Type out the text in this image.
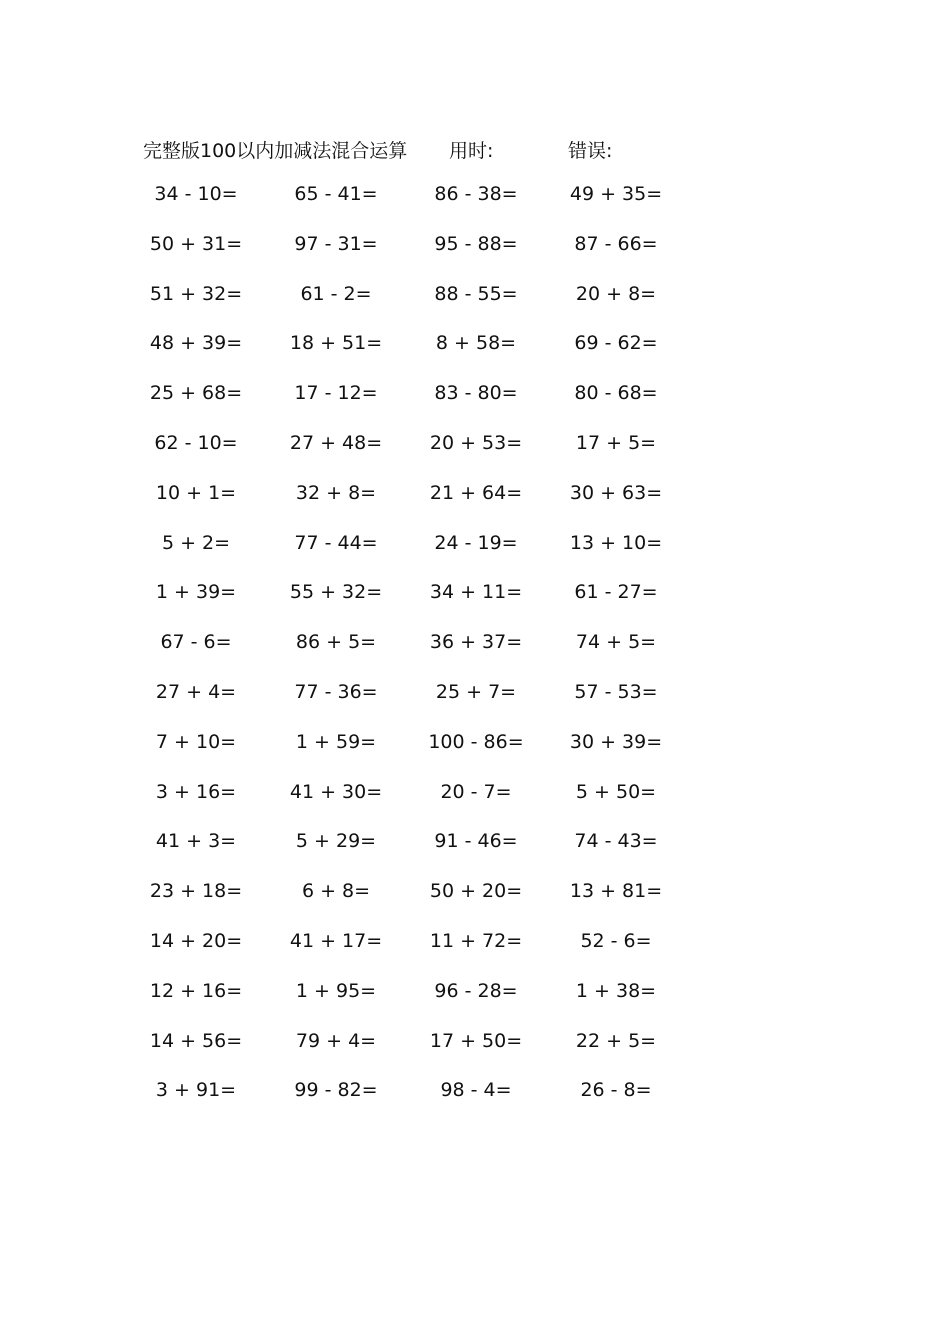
完整版100以内加减法混合运算 用时:	错误:
34 - 10=	65 - 41=	86 - 38=	49 + 35=
50 + 31=	97 - 31=	95 - 88=	87 - 66=
51 + 32=	61 - 2=	88 - 55=	20 + 8=
48 + 39=	18 + 51=	8 + 58=	69 - 62=
25 + 68=	17 - 12=	83 - 80=	80 - 68=
62 - 10=	27 + 48=	20 + 53=	17 + 5=
10 + 1=	32 + 8=	21 + 64=	30 + 63=
5 + 2=	77 - 44=	24 - 19=	13 + 10=
1 + 39=	55 + 32=	34 + 11=	61 - 27=
67 - 6=	86 + 5=	36 + 37=	74 + 5=
27 + 4=	77 - 36=	25 + 7=	57 - 53=
7 + 10=	1 + 59=	100 - 86=	30 + 39=
3 + 16=	41 + 30=	20 - 7=	5 + 50=
41 + 3=	5 + 29=	91 - 46=	74 - 43=
23 + 18=	6 + 8=	50 + 20=	13 + 81=
14 + 20=	41 + 17=	11 + 72=	52 - 6=
12 + 16=	1 + 95=	96 - 28=	1 + 38=
14 + 56=	79 + 4=	17 + 50=	22 + 5=
3 + 91=	99 - 82=	98 - 4=	26 - 8=
